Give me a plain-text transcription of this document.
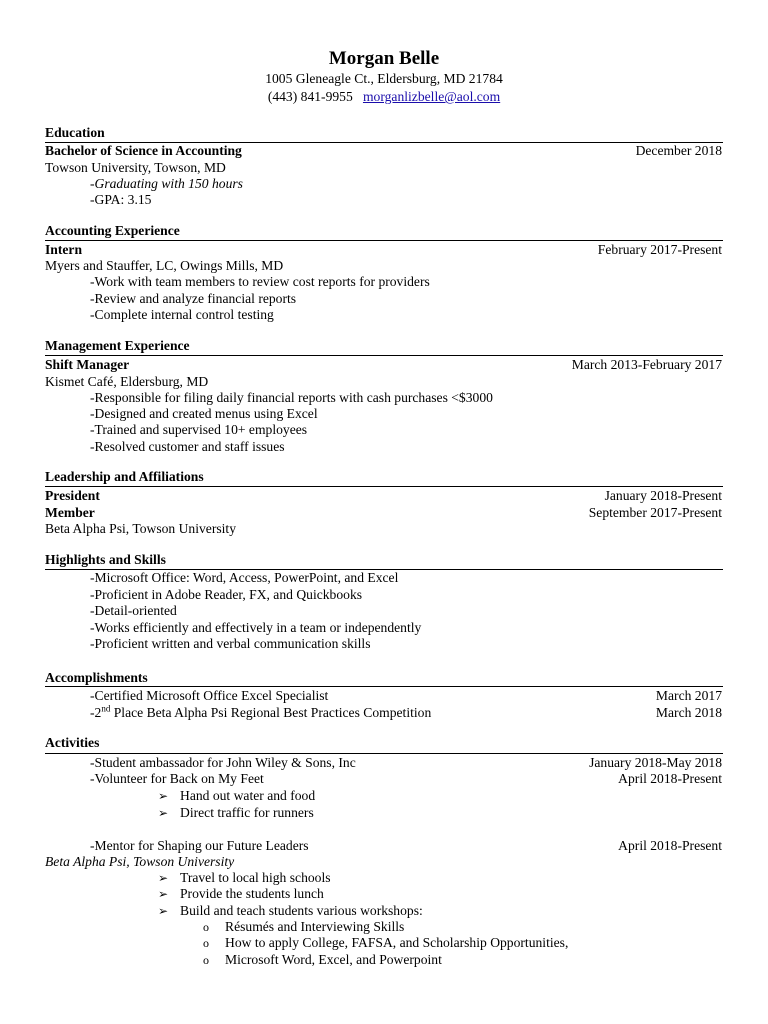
Morgan Belle
1005 Gleneagle Ct., Eldersburg, MD 21784
(443) 841-9955 morganlizbelle@aol.com
Education
Bachelor of Science in Accounting	December 2018
Towson University, Towson, MD
-Graduating with 150 hours
-GPA: 3.15
Accounting Experience
Intern	February 2017-Present
Myers and Stauffer, LC, Owings Mills, MD
-Work with team members to review cost reports for providers
-Review and analyze financial reports
-Complete internal control testing
Management Experience
Shift Manager	March 2013-February 2017
Kismet Café, Eldersburg, MD
-Responsible for filing daily financial reports with cash purchases <$3000
-Designed and created menus using Excel
-Trained and supervised 10+ employees
-Resolved customer and staff issues
Leadership and Affiliations
President	January 2018-Present
Member	September 2017-Present
Beta Alpha Psi, Towson University
Highlights and Skills
-Microsoft Office: Word, Access, PowerPoint, and Excel
-Proficient in Adobe Reader, FX, and Quickbooks
-Detail-oriented
-Works efficiently and effectively in a team or independently
-Proficient written and verbal communication skills
Accomplishments
-Certified Microsoft Office Excel Specialist	March 2017
-2nd Place Beta Alpha Psi Regional Best Practices Competition	March 2018
Activities
-Student ambassador for John Wiley & Sons, Inc	January 2018-May 2018
-Volunteer for Back on My Feet	April 2018-Present
➢ Hand out water and food
➢ Direct traffic for runners
-Mentor for Shaping our Future Leaders	April 2018-Present
Beta Alpha Psi, Towson University
➢ Travel to local high schools
➢ Provide the students lunch
➢ Build and teach students various workshops:
o Résumés and Interviewing Skills
o How to apply College, FAFSA, and Scholarship Opportunities,
o Microsoft Word, Excel, and Powerpoint
